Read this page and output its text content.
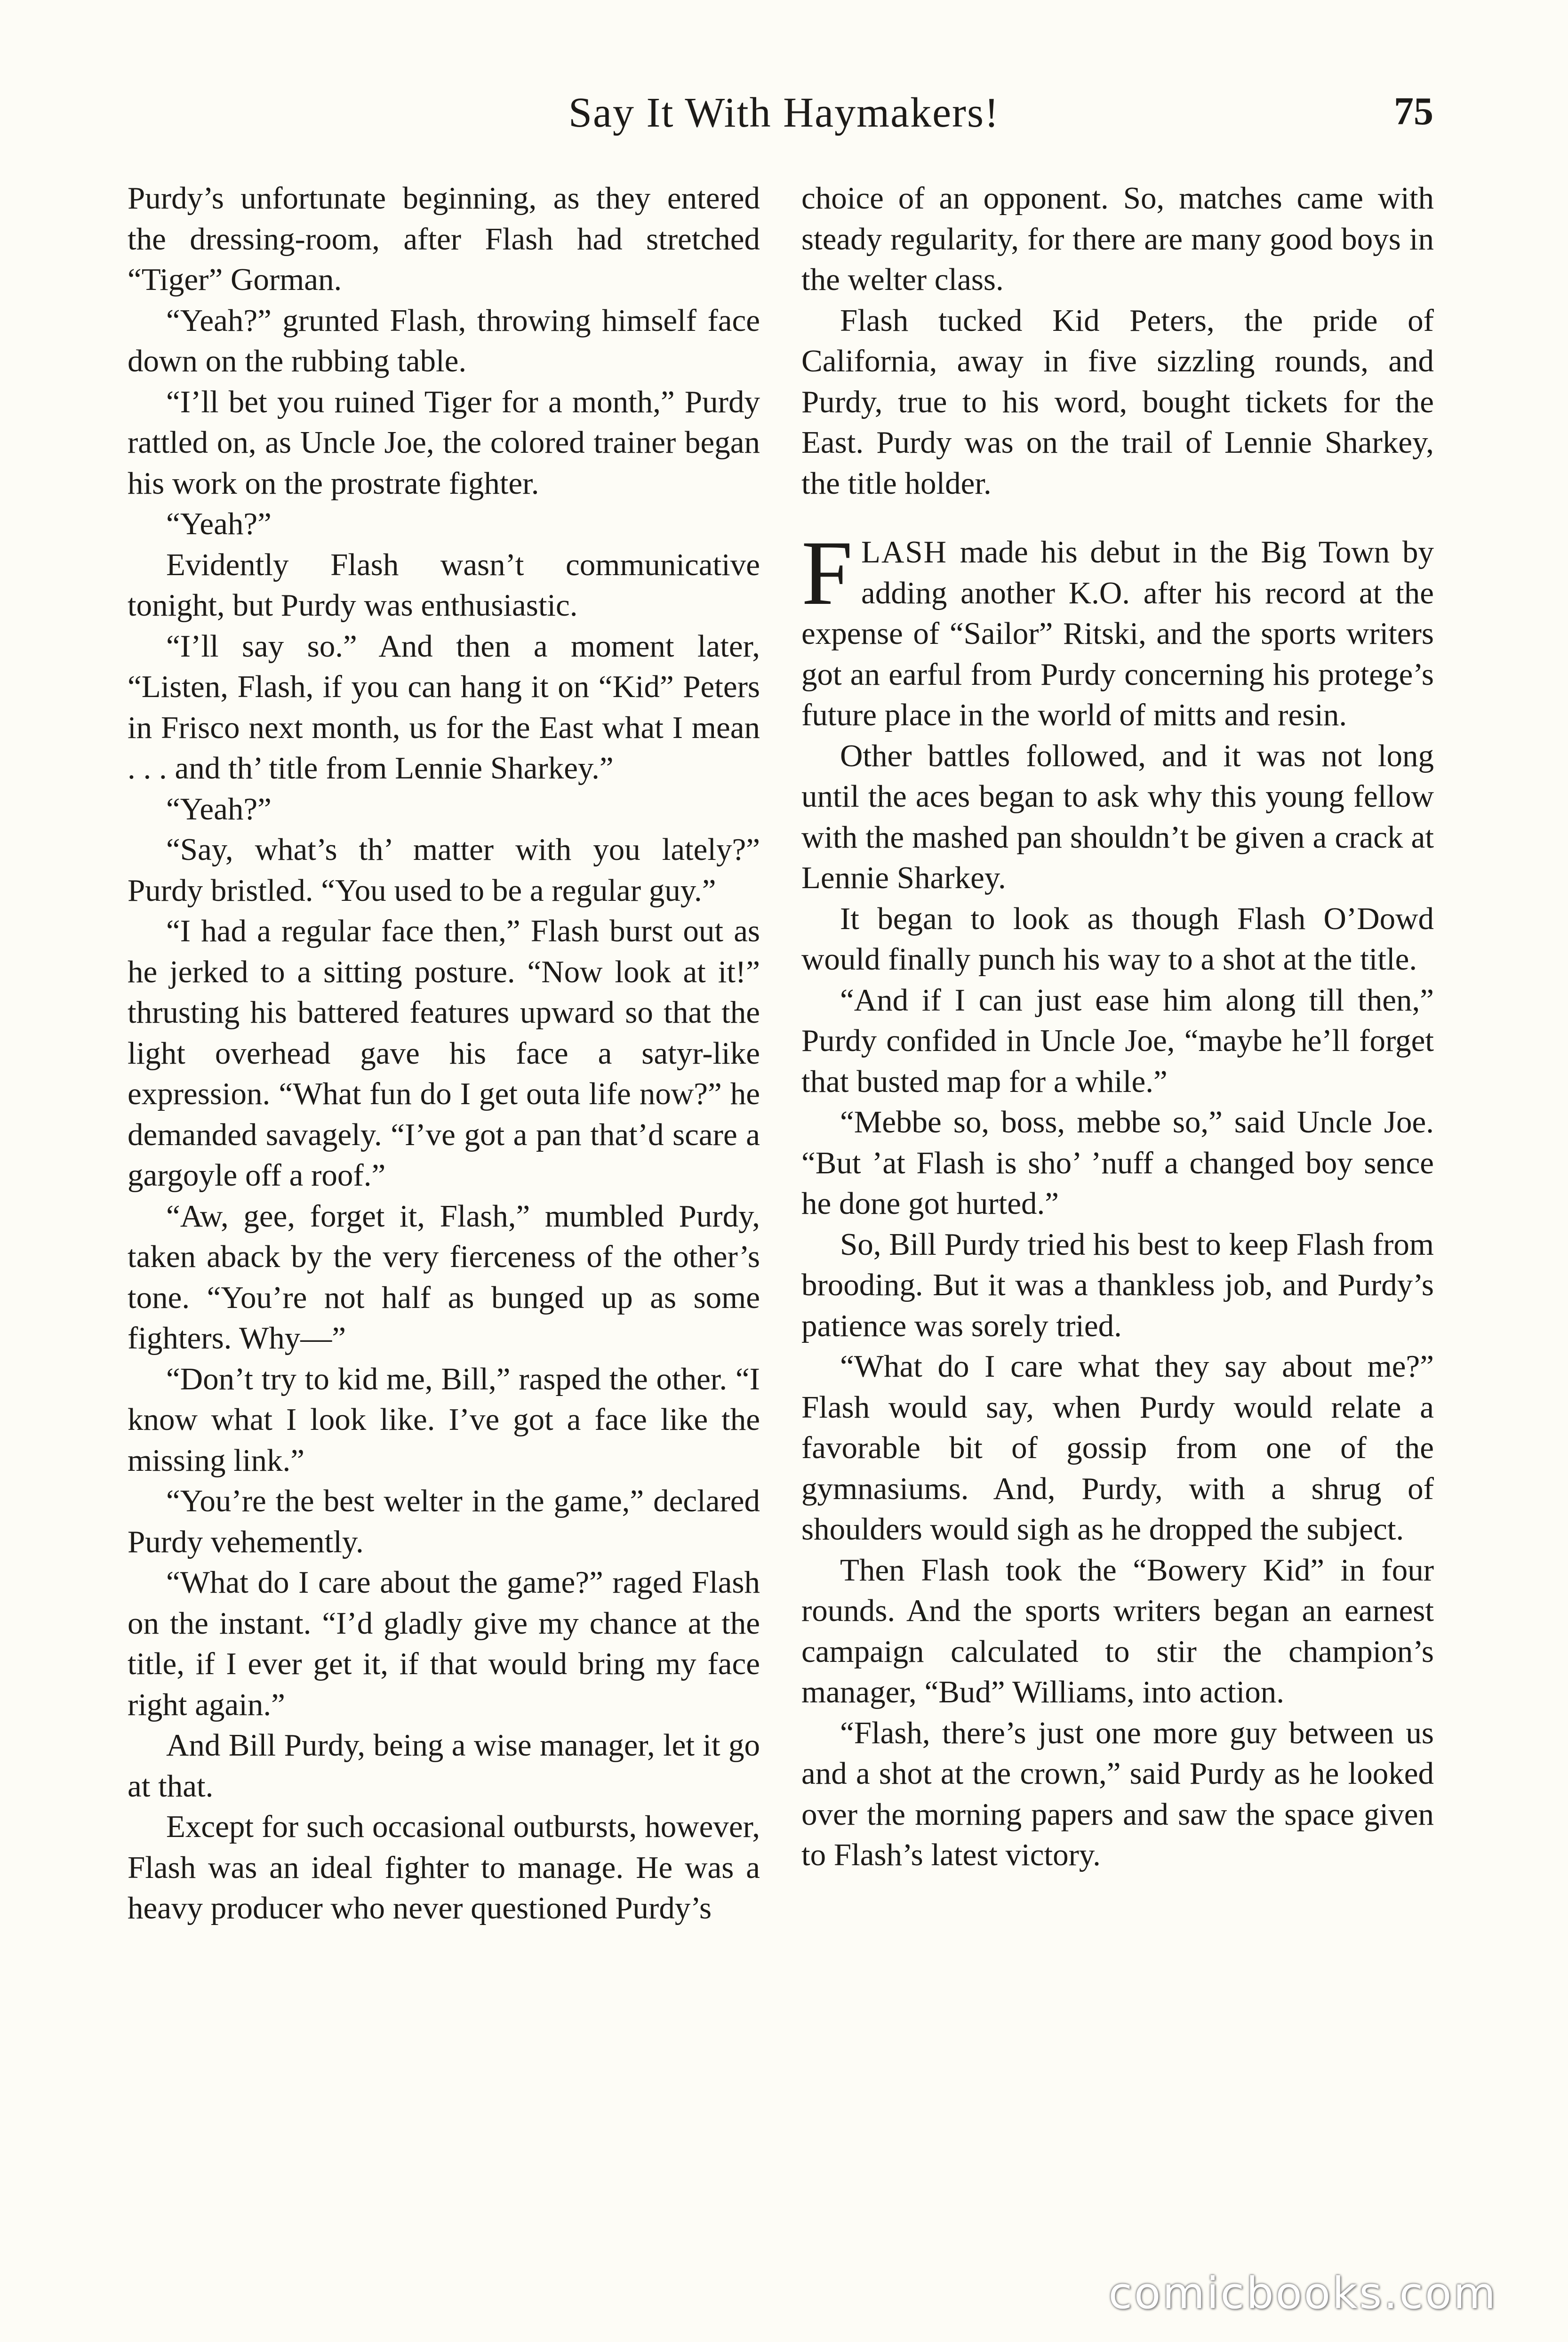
Say It With Haymakers!	75

Purdy’s unfortunate beginning, as they entered the dressing-room, after Flash had stretched “Tiger” Gorman.

“Yeah?” grunted Flash, throwing himself face down on the rubbing table.

“I’ll bet you ruined Tiger for a month,” Purdy rattled on, as Uncle Joe, the colored trainer began his work on the prostrate fighter.

“Yeah?”

Evidently Flash wasn’t communicative tonight, but Purdy was enthusiastic.

“I’ll say so.” And then a moment later, “Listen, Flash, if you can hang it on “Kid” Peters in Frisco next month, us for the East what I mean . . . and th’ title from Lennie Sharkey.”

“Yeah?”

“Say, what’s th’ matter with you lately?” Purdy bristled. “You used to be a regular guy.”

“I had a regular face then,” Flash burst out as he jerked to a sitting posture. “Now look at it!” thrusting his battered features upward so that the light overhead gave his face a satyr-like expression. “What fun do I get outa life now?” he demanded savagely. “I’ve got a pan that’d scare a gargoyle off a roof.”

“Aw, gee, forget it, Flash,” mumbled Purdy, taken aback by the very fierceness of the other’s tone. “You’re not half as bunged up as some fighters. Why—”

“Don’t try to kid me, Bill,” rasped the other. “I know what I look like. I’ve got a face like the missing link.”

“You’re the best welter in the game,” declared Purdy vehemently.

“What do I care about the game?” raged Flash on the instant. “I’d gladly give my chance at the title, if I ever get it, if that would bring my face right again.”

And Bill Purdy, being a wise manager, let it go at that.

Except for such occasional outbursts, however, Flash was an ideal fighter to manage. He was a heavy producer who never questioned Purdy’s

choice of an opponent. So, matches came with steady regularity, for there are many good boys in the welter class.

Flash tucked Kid Peters, the pride of California, away in five sizzling rounds, and Purdy, true to his word, bought tickets for the East. Purdy was on the trail of Lennie Sharkey, the title holder.

FLASH made his debut in the Big Town by adding another K.O. after his record at the expense of “Sailor” Ritski, and the sports writers got an earful from Purdy concerning his protege’s future place in the world of mitts and resin.

Other battles followed, and it was not long until the aces began to ask why this young fellow with the mashed pan shouldn’t be given a crack at Lennie Sharkey.

It began to look as though Flash O’Dowd would finally punch his way to a shot at the title.

“And if I can just ease him along till then,” Purdy confided in Uncle Joe, “maybe he’ll forget that busted map for a while.”

“Mebbe so, boss, mebbe so,” said Uncle Joe. “But ’at Flash is sho’ ’nuff a changed boy sence he done got hurted.”

So, Bill Purdy tried his best to keep Flash from brooding. But it was a thankless job, and Purdy’s patience was sorely tried.

“What do I care what they say about me?” Flash would say, when Purdy would relate a favorable bit of gossip from one of the gymnasiums. And, Purdy, with a shrug of shoulders would sigh as he dropped the subject.

Then Flash took the “Bowery Kid” in four rounds. And the sports writers began an earnest campaign calculated to stir the champion’s manager, “Bud” Williams, into action.

“Flash, there’s just one more guy between us and a shot at the crown,” said Purdy as he looked over the morning papers and saw the space given to Flash’s latest victory.

comicbooks.com
